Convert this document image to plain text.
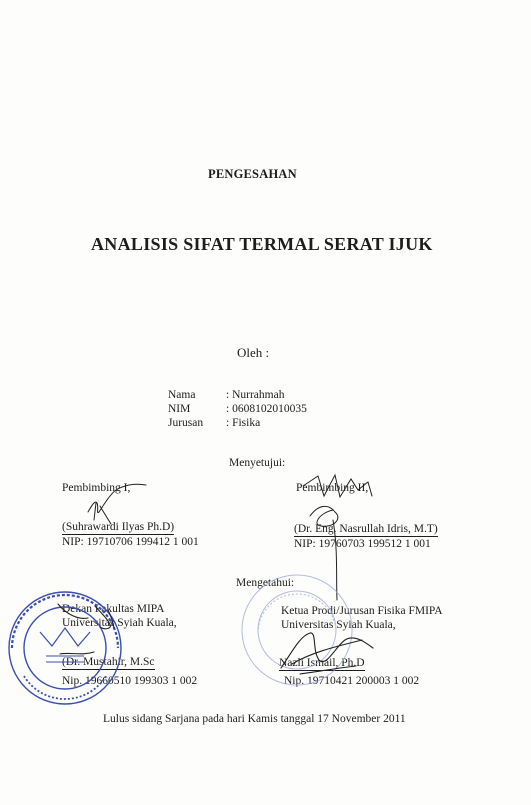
PENGESAHAN
ANALISIS SIFAT TERMAL SERAT IJUK
Oleh :
Nama	: Nurrahmah
NIM	: 0608102010035
Jurusan : Fisika
Menyetujui:
Pembimbing I,
(Suhrawardi Ilyas Ph.D)
NIP: 19710706 199412 1 001
Pembimbing II,
(Dr. Eng. Nasrullah Idris, M.T)
NIP: 19760703 199512 1 001
Mengetahui:
Dekan Fakultas MIPA
Universitas Syiah Kuala,
(Dr. Mustahir, M.Sc
Nip. 19660510 199303 1 002
Ketua Prodi/Jurusan Fisika FMIPA
Universitas Syiah Kuala,
Nazli Ismail, Ph.D
Nip. 19710421 200003 1 002
Lulus sidang Sarjana pada hari Kamis tanggal 17 November 2011
